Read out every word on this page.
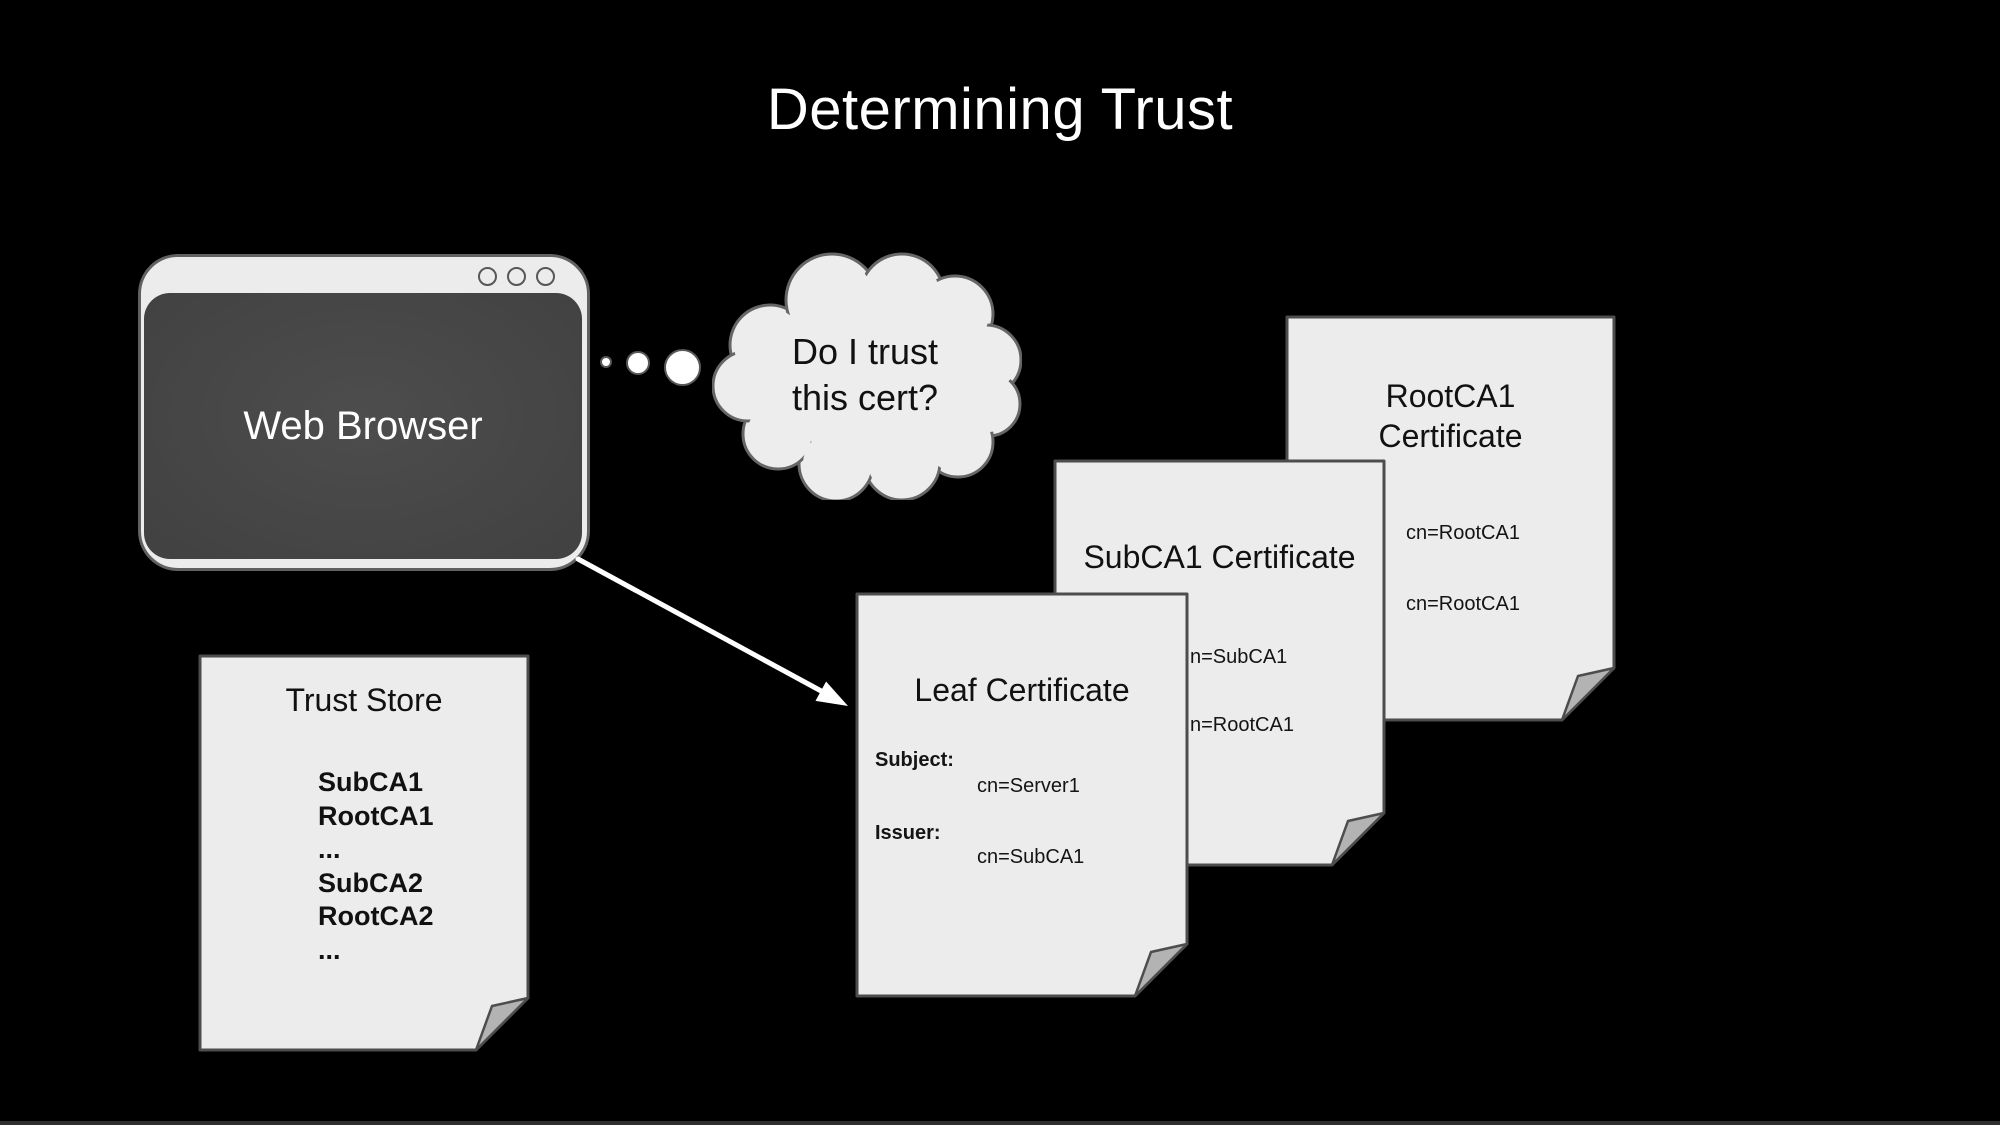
Determining Trust
Web Browser
Do I trust
this cert?	RootCA1
Certificate
cn=RootCA1
cn=RootCA1
SubCA1 Certificate
n=SubCA1
n=RootCA1
Leaf Certificate
Subject:
cn=Server1
Issuer:
cn=SubCA1
Trust Store
SubCA1
RootCA1
...
SubCA2
RootCA2
...
